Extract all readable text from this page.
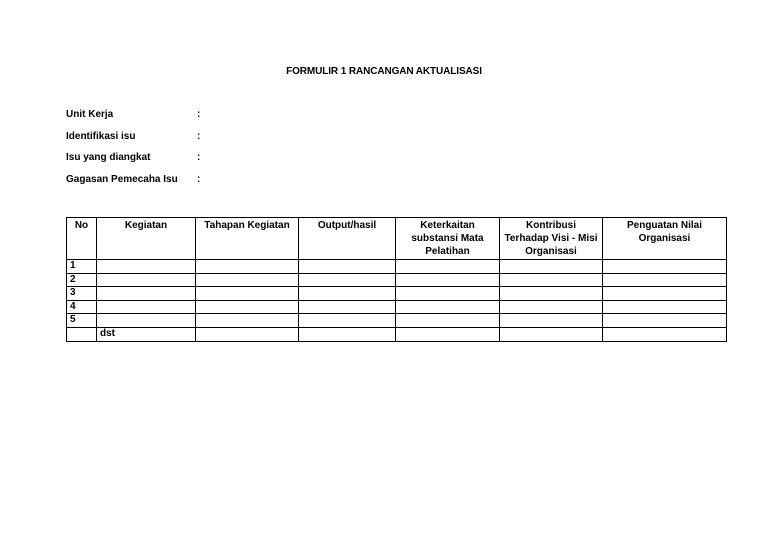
FORMULIR 1 RANCANGAN AKTUALISASI
Unit Kerja	:
Identifikasi isu	:
Isu yang diangkat	:
Gagasan Pemecaha Isu :
No	Kegiatan	Tahapan Kegiatan	Output/hasil	Keterkaitan substansi Mata Pelatihan	Kontribusi Terhadap Visi - Misi Organisasi	Penguatan Nilai Organisasi
1						
2						
3						
4						
5						
	dst					
